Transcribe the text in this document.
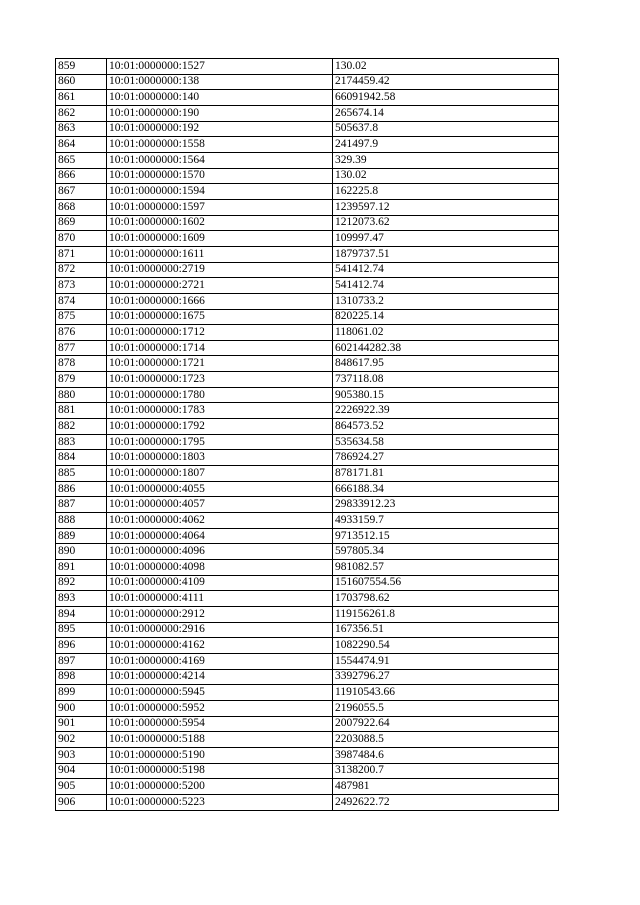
859	10:01:0000000:1527	130.02
860	10:01:0000000:138	2174459.42
861	10:01:0000000:140	66091942.58
862	10:01:0000000:190	265674.14
863	10:01:0000000:192	505637.8
864	10:01:0000000:1558	241497.9
865	10:01:0000000:1564	329.39
866	10:01:0000000:1570	130.02
867	10:01:0000000:1594	162225.8
868	10:01:0000000:1597	1239597.12
869	10:01:0000000:1602	1212073.62
870	10:01:0000000:1609	109997.47
871	10:01:0000000:1611	1879737.51
872	10:01:0000000:2719	541412.74
873	10:01:0000000:2721	541412.74
874	10:01:0000000:1666	1310733.2
875	10:01:0000000:1675	820225.14
876	10:01:0000000:1712	118061.02
877	10:01:0000000:1714	602144282.38
878	10:01:0000000:1721	848617.95
879	10:01:0000000:1723	737118.08
880	10:01:0000000:1780	905380.15
881	10:01:0000000:1783	2226922.39
882	10:01:0000000:1792	864573.52
883	10:01:0000000:1795	535634.58
884	10:01:0000000:1803	786924.27
885	10:01:0000000:1807	878171.81
886	10:01:0000000:4055	666188.34
887	10:01:0000000:4057	29833912.23
888	10:01:0000000:4062	4933159.7
889	10:01:0000000:4064	9713512.15
890	10:01:0000000:4096	597805.34
891	10:01:0000000:4098	981082.57
892	10:01:0000000:4109	151607554.56
893	10:01:0000000:4111	1703798.62
894	10:01:0000000:2912	119156261.8
895	10:01:0000000:2916	167356.51
896	10:01:0000000:4162	1082290.54
897	10:01:0000000:4169	1554474.91
898	10:01:0000000:4214	3392796.27
899	10:01:0000000:5945	11910543.66
900	10:01:0000000:5952	2196055.5
901	10:01:0000000:5954	2007922.64
902	10:01:0000000:5188	2203088.5
903	10:01:0000000:5190	3987484.6
904	10:01:0000000:5198	3138200.7
905	10:01:0000000:5200	487981
906	10:01:0000000:5223	2492622.72
